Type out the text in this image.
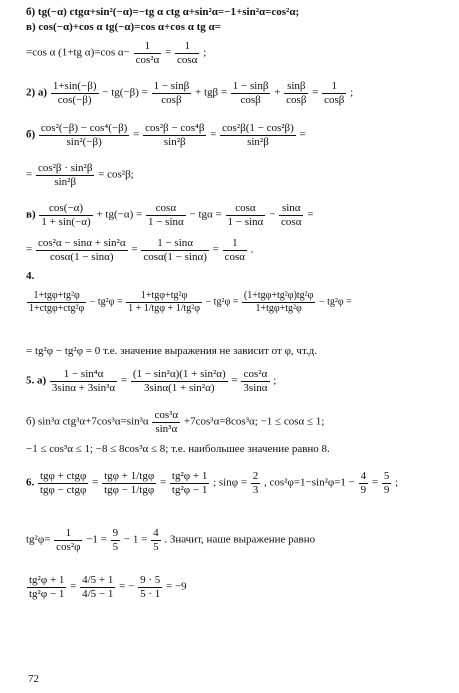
б) tg(−α) ctgα+sin²(−α)=−tg α ctg α+sin²α=−1+sin²α=cos²α;
в) cos(−α)+cos α tg(−α)=cos α+cos α tg α=
=cos α (1+tg α)=cos $\alpha- \frac{1}{\text{cos²α}} = \frac{1}{\cos\alpha}$ ;
2) $а) \frac{1+\sin(-\beta)}{\cos(-\beta)} - tg(-\beta) = \frac{1 - \sin\beta}{\cos\beta} + tg\beta = \frac{1 - \sin\beta}{\cos\beta} + \frac{\sin\beta}{\cos\beta} = \frac{1}{\cos\beta}$ ;
$б) \frac{\text{cos²(−β) − cos⁴(−β)}}{\text{sin²(−β)}} = \frac{\text{cos²β − cos⁴β}}{\text{sin²β}} = \frac{\text{cos²β(1 − cos²β)}}{\text{sin²β}}$ =
= $\frac{\text{cos²β · sin²β}}{\text{sin²β}} = \cos^2\beta$;
$в) \frac{\cos(-\alpha)}{1 + \sin(-\alpha)} + tg(-\alpha) = \frac{\cos\alpha}{1 - \sin\alpha} - tg\alpha = \frac{\cos\alpha}{1 - \sin\alpha} - \frac{\sin\alpha}{\cos\alpha}$ =
= $\frac{\text{cos²α − sinα + sin²α}}{\cos\alpha(1 - \sin\alpha)} = \frac{1 - \sin\alpha}{\cos\alpha(1 - \sin\alpha)} = \frac{1}{\cos\alpha}$ .
4.
$\frac{\text{1+tgφ+tg²φ}}{\text{1+ctgφ+ctg²φ}} - tg^2\varphi = \frac{\text{1+tgφ+tg²φ}}{\text{1 + 1/tgφ + 1/tg²φ}} - tg^2\varphi = \frac{\text{(1+tgφ+tg²φ)tg²φ}}{\text{1+tgφ+tg²φ}} - tg^2\varphi$ =
= tg²φ − tg²φ = 0 т.е. значение выражения не зависит от φ, чт.д.
5. $а) \frac{\text{1 − sin⁴α}}{\text{3sinα + 3sin³α}} = \frac{\text{(1 − sin²α)(1 + sin²α)}}{\text{3sinα(1 + sin²α)}} = \frac{\text{cos²α}}{3\sin\alpha}$ ;
б) sin³α $ctg^3\alpha+7\cos^3\alpha=\sin^3\alpha \frac{\text{cos³α}}{\text{sin³α}} +7\cos^3\alpha=8\cos^3\alpha$; −1 ≤ cosα ≤ 1;
−1 ≤ cos³α ≤ 1; −8 ≤ 8cos³α ≤ 8; т.е. наибольшее значение равно 8.
6. $\frac{\text{tgφ + ctgφ}}{\text{tgφ − ctgφ}} = \frac{\text{tgφ + 1/tgφ}}{\text{tgφ − 1/tgφ}} = \frac{\text{tg²φ + 1}}{\text{tg²φ − 1}}$ ; $\sin\varphi = \frac{2}{3}$ , $\cos^2\varphi=1-\sin^2\varphi=1 - \frac{4}{9} = \frac{5}{9}$ ;
$tg^2\varphi= \frac{1}{\text{cos²φ}} -1 = \frac{9}{5} - 1 = \frac{4}{5}$ . Значит, наше выражение равно
$\frac{\text{tg²φ + 1}}{\text{tg²φ − 1}} = \frac{4/5 + 1}{4/5 - 1}$ = − $\frac{9 \cdot 5}{5 \cdot 1} = -9$
72
